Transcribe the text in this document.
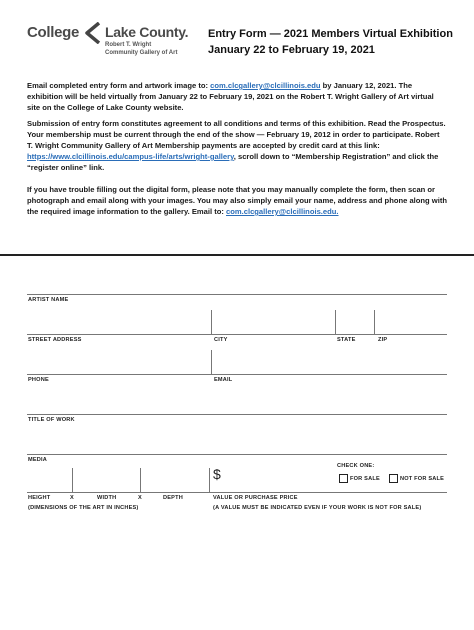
College Lake County.
Robert T. Wright
Community Gallery of Art
Entry Form — 2021 Members Virtual Exhibition
January 22 to February 19, 2021
Email completed entry form and artwork image to: com.clcgallery@clcillinois.edu by January 12, 2021. The exhibition will be held virtually from January 22 to February 19, 2021 on the Robert T. Wright Gallery of Art virtual site on the College of Lake County website.
Submission of entry form constitutes agreement to all conditions and terms of this exhibition. Read the Prospectus. Your membership must be current through the end of the show — February 19, 2012 in order to participate. Robert T. Wright Community Gallery of Art Membership payments are accepted by credit card at this link: https://www.clcillinois.edu/campus-life/arts/wright-gallery, scroll down to “Membership Registration” and click the “register online” link.
If you have trouble filling out the digital form, please note that you may manually complete the form, then scan or photograph and email along with your images. You may also simply email your name, address and phone along with the required image information to the gallery. Email to: com.clcgallery@clcillinois.edu.
ARTIST NAME
STREET ADDRESS	CITY	STATE	ZIP
PHONE	EMAIL
TITLE OF WORK
MEDIA
$	CHECK ONE:
FOR SALE	NOT FOR SALE
HEIGHT	X	WIDTH	X	DEPTH	VALUE OR PURCHASE PRICE
(DIMENSIONS OF THE ART IN INCHES)	(A VALUE MUST BE INDICATED EVEN IF YOUR WORK IS NOT FOR SALE)
